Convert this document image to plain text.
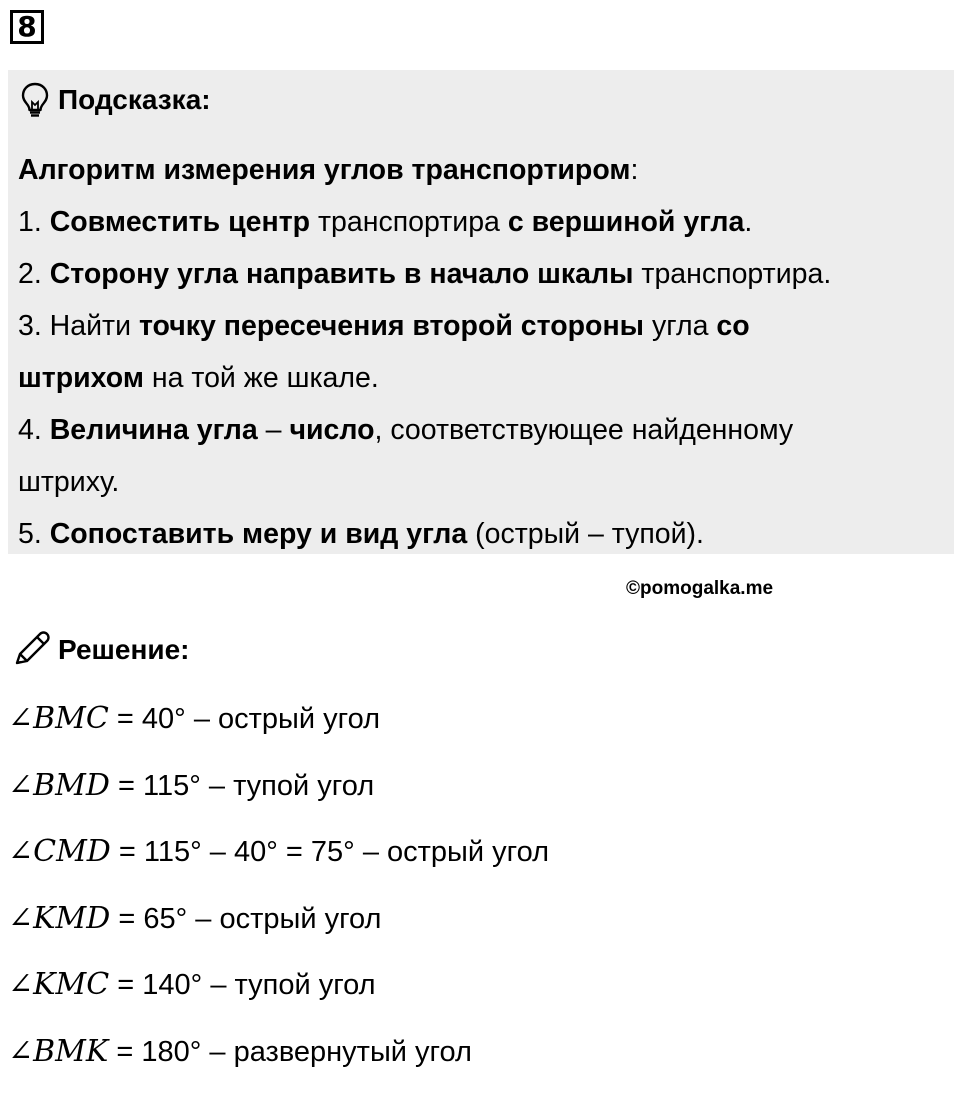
8
Подсказка:
Алгоритм измерения углов транспортиром:
1. Совместить центр транспортира с вершиной угла.
2. Сторону угла направить в начало шкалы транспортира.
3. Найти точку пересечения второй стороны угла со
штрихом на той же шкале.
4. Величина угла – число, соответствующее найденному
штриху.
5. Сопоставить меру и вид угла (острый – тупой).
©pomogalka.me
Решение:
∠BMC = 40° – острый угол
∠BMD = 115° – тупой угол
∠CMD = 115° – 40° = 75° – острый угол
∠KMD = 65° – острый угол
∠KMC = 140° – тупой угол
∠BMK = 180° – развернутый угол
